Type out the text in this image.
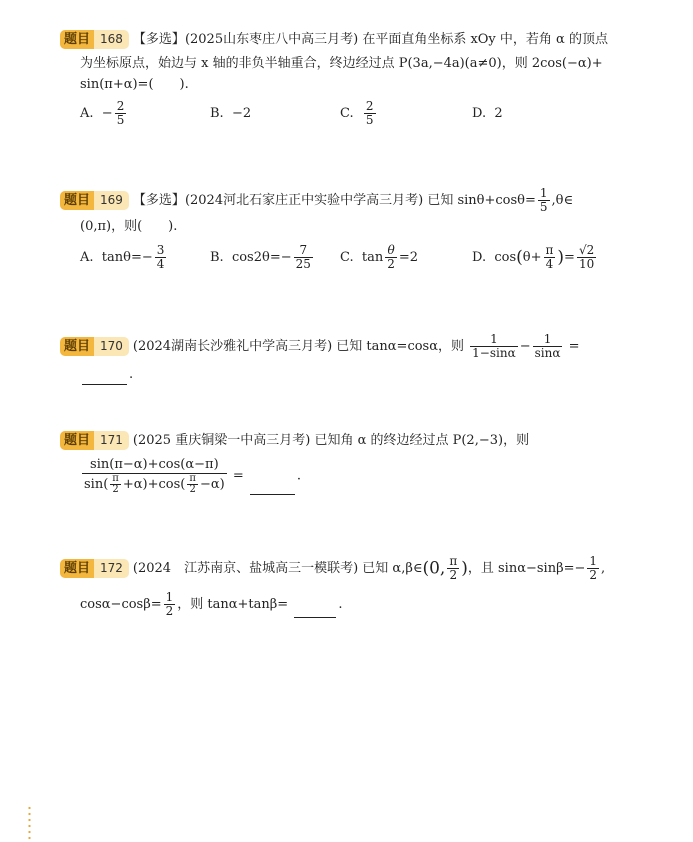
题目 168 【多选】(2025山东枣庄八中高三月考) 在平面直角坐标系 xOy 中，若角 α 的顶点
为坐标原点，始边与 x 轴的非负半轴重合，终边经过点 P(3a,−4a)(a≠0)，则 2cos(−α)+
sin(π+α)=(　　).
A. − $\frac{2}{5}$	B. −2	C. $\frac{2}{5}$	D. 2
题目 169 【多选】(2024河北石家庄正中实验中学高三月考) 已知 $\sin\theta+\cos\theta= \frac{1}{5}$ ,θ∈
(0,π)，则(　　).
A. $\tan\theta=- \frac{3}{4}$	B. $\cos 2\theta=- \frac{7}{25} C$. $\tan \frac{\theta}{2} =2$	D. $\cos(\theta+ \frac{\pi}{4}$ )= $\frac{√2}{10}$
题目 170 (2024湖南长沙雅礼中学高三月考) 已知 tanα=cosα，则 $\frac{1}{1-\sin\alpha} - \frac{1}{\sin\alpha}$ =
.
题目 171 (2025 重庆铜梁一中高三月考) 已知角 α 的终边经过点 P(2,−3)，则
$\frac{\sin(\pi-\alpha)+\cos(\alpha-\pi)}{\sin( \frac{\pi}{2} +\alpha)+\cos( \frac{\pi}{2} -\alpha)}$ =	.
题目 172 (2024　江苏南京、盐城高三一模联考) 已知 α,β∈(0, $\frac{\pi}{2}$ )，且 $\sin\alpha-\sin\beta=- \frac{1}{2}$ ,
$\cos\alpha-\cos\beta= \frac{1}{2}$ ，则 tanα+tanβ=	.
